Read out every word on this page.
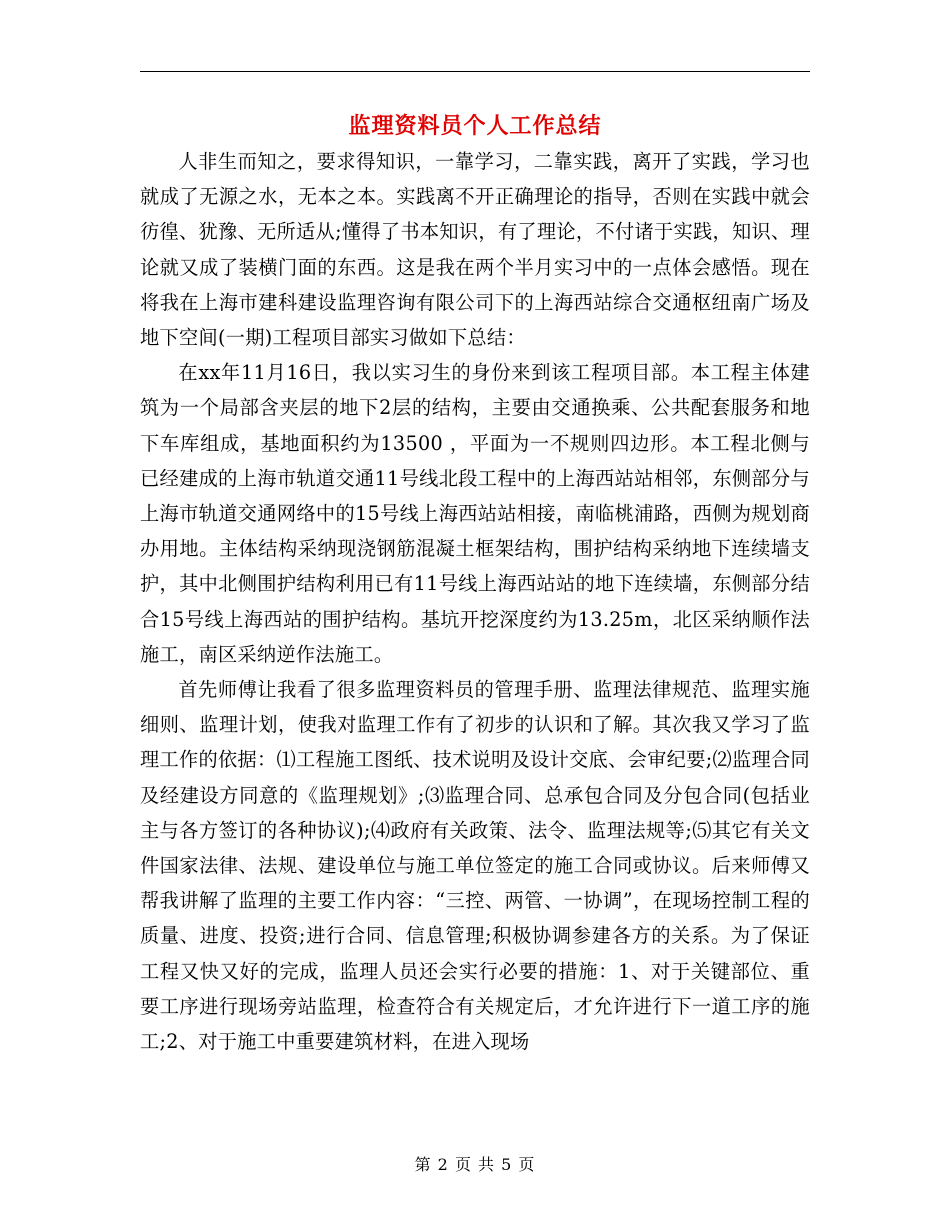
监理资料员个人工作总结

人非生而知之，要求得知识，一靠学习，二靠实践，离开了实践，学习也就成了无源之水，无本之本。实践离不开正确理论的指导，否则在实践中就会彷徨、犹豫、无所适从;懂得了书本知识，有了理论，不付诸于实践，知识、理论就又成了装横门面的东西。这是我在两个半月实习中的一点体会感悟。现在将我在上海市建科建设监理咨询有限公司下的上海西站综合交通枢纽南广场及地下空间(一期)工程项目部实习做如下总结：

在xx年11月16日，我以实习生的身份来到该工程项目部。本工程主体建筑为一个局部含夹层的地下2层的结构，主要由交通换乘、公共配套服务和地下车库组成，基地面积约为13500 ，平面为一不规则四边形。本工程北侧与已经建成的上海市轨道交通11号线北段工程中的上海西站站相邻，东侧部分与上海市轨道交通网络中的15号线上海西站站相接，南临桃浦路，西侧为规划商办用地。主体结构采纳现浇钢筋混凝土框架结构，围护结构采纳地下连续墙支护，其中北侧围护结构利用已有11号线上海西站站的地下连续墙，东侧部分结合15号线上海西站的围护结构。基坑开挖深度约为13.25m，北区采纳顺作法施工，南区采纳逆作法施工。

首先师傅让我看了很多监理资料员的管理手册、监理法律规范、监理实施细则、监理计划，使我对监理工作有了初步的认识和了解。其次我又学习了监理工作的依据：⑴工程施工图纸、技术说明及设计交底、会审纪要;⑵监理合同及经建设方同意的《监理规划》;⑶监理合同、总承包合同及分包合同(包括业主与各方签订的各种协议);⑷政府有关政策、法令、监理法规等;⑸其它有关文件国家法律、法规、建设单位与施工单位签定的施工合同或协议。后来师傅又帮我讲解了监理的主要工作内容：“三控、两管、一协调”，在现场控制工程的质量、进度、投资;进行合同、信息管理;积极协调参建各方的关系。为了保证工程又快又好的完成，监理人员还会实行必要的措施：1、对于关键部位、重要工序进行现场旁站监理，检查符合有关规定后，才允许进行下一道工序的施工;2、对于施工中重要建筑材料，在进入现场

第 2 页 共 5 页
